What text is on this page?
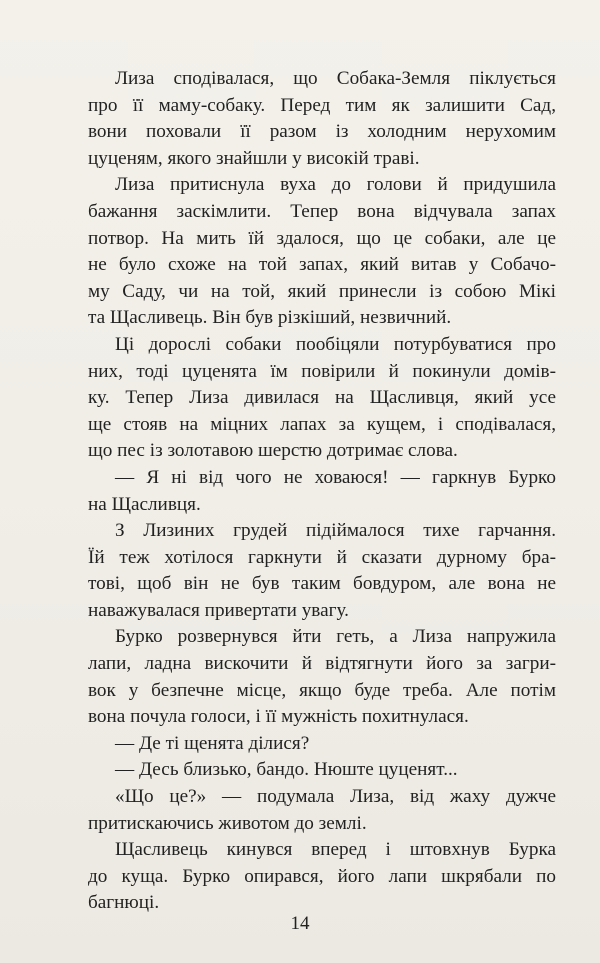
Лиза сподівалася, що Собака-Земля піклується
про її маму-собаку. Перед тим як залишити Сад,
вони поховали її разом із холодним нерухомим
цуценям, якого знайшли у високій траві.
Лиза притиснула вуха до голови й придушила
бажання заскімлити. Тепер вона відчувала запах
потвор. На мить їй здалося, що це собаки, але це
не було схоже на той запах, який витав у Собачо-
му Саду, чи на той, який принесли із собою Мікі
та Щасливець. Він був різкіший, незвичний.
Ці дорослі собаки пообіцяли потурбуватися про
них, тоді цуценята їм повірили й покинули домів-
ку. Тепер Лиза дивилася на Щасливця, який усе
ще стояв на міцних лапах за кущем, і сподівалася,
що пес із золотавою шерстю дотримає слова.
— Я ні від чого не ховаюся! — гаркнув Бурко
на Щасливця.
З Лизиних грудей підіймалося тихе гарчання.
Їй теж хотілося гаркнути й сказати дурному бра-
тові, щоб він не був таким бовдуром, але вона не
наважувалася привертати увагу.
Бурко розвернувся йти геть, а Лиза напружила
лапи, ладна вискочити й відтягнути його за загри-
вок у безпечне місце, якщо буде треба. Але потім
вона почула голоси, і її мужність похитнулася.
— Де ті щенята ділися?
— Десь близько, бандо. Нюште цуценят...
«Що це?» — подумала Лиза, від жаху дужче
притискаючись животом до землі.
Щасливець кинувся вперед і штовхнув Бурка
до куща. Бурко опирався, його лапи шкрябали по
багнюці.
14
